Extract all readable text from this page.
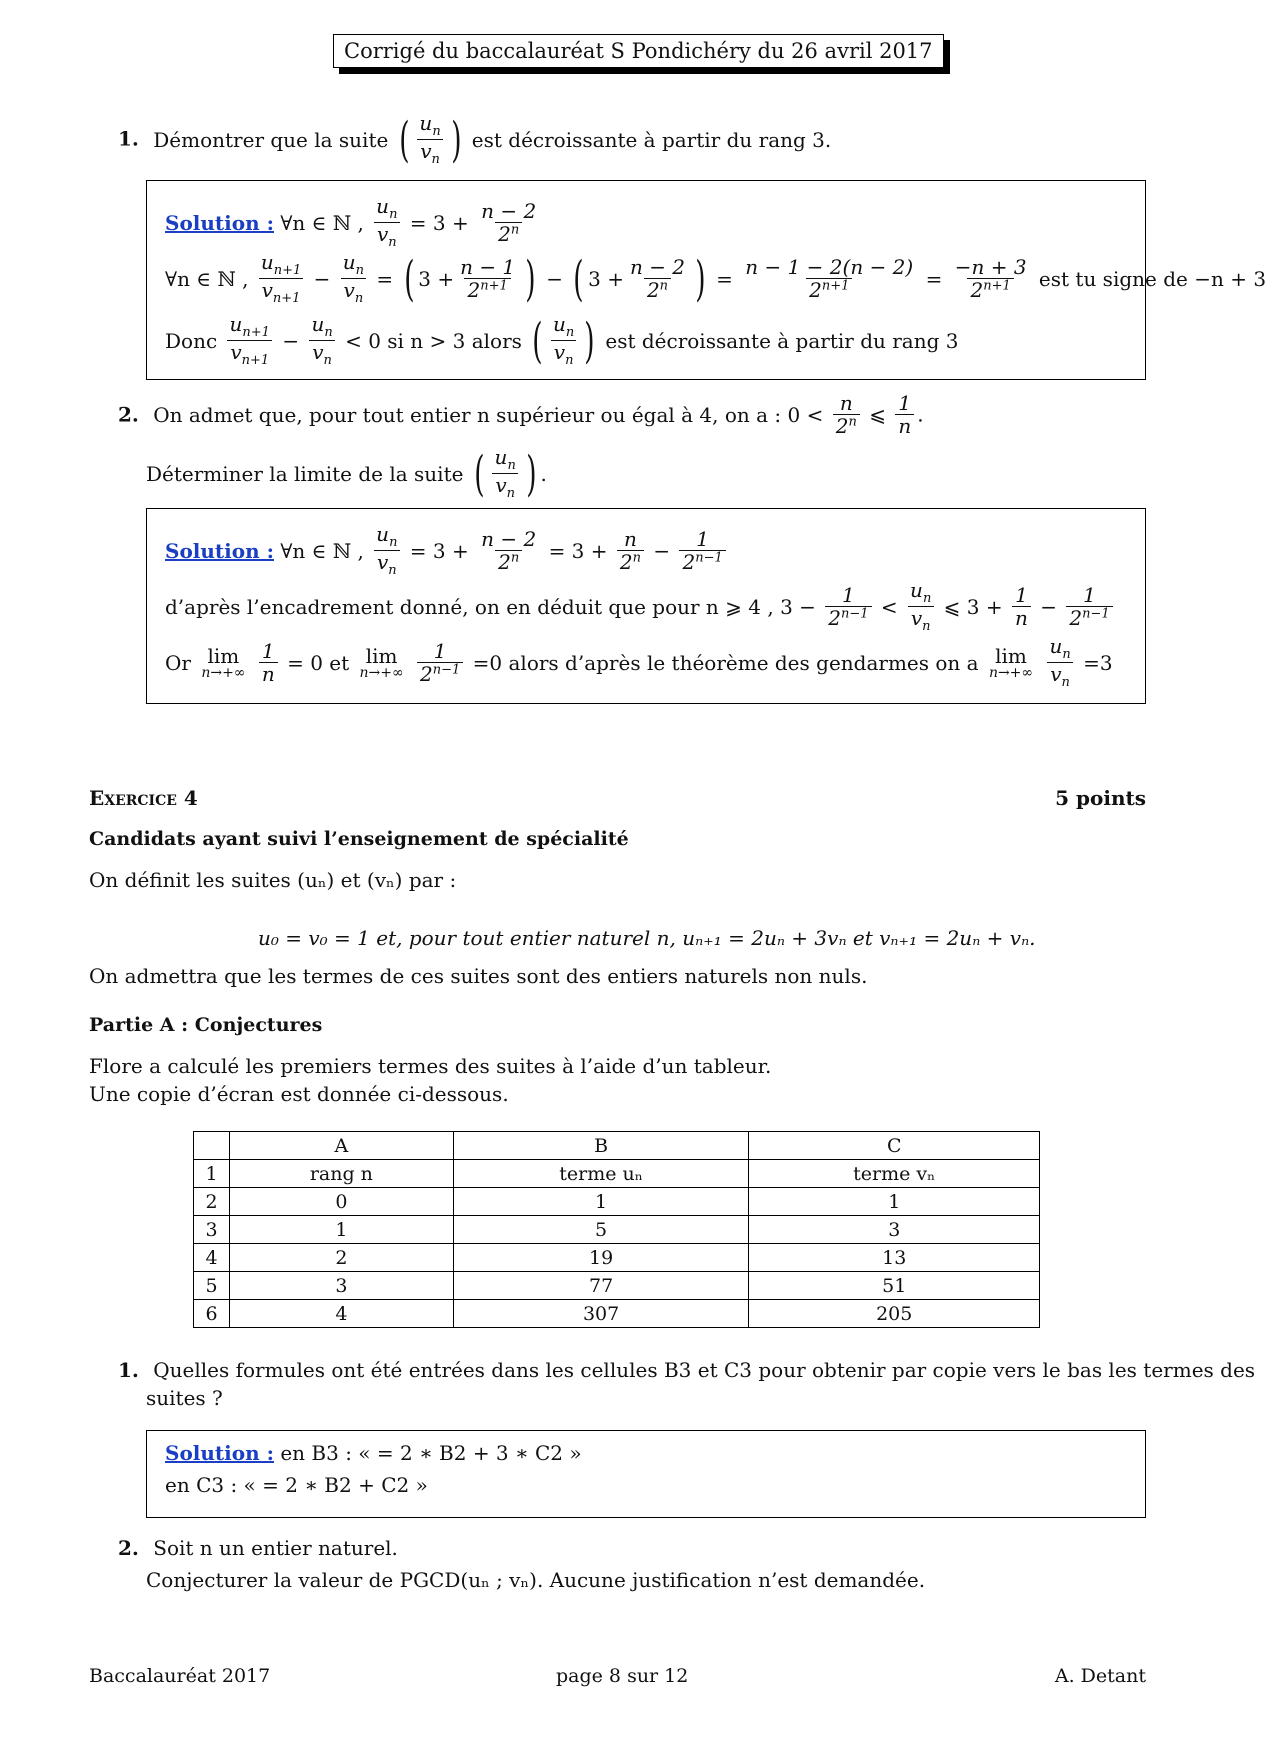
Corrigé du baccalauréat S Pondichéry du 26 avril 2017
1. Démontrer que la suite ( $\frac{u_n}{v_n}$ ) est décroissante à partir du rang 3.
Solution : ∀n ∈ ℕ , $\frac{u_n}{v_n} = 3 + \frac{n - 2}{2^n}$
∀n ∈ ℕ , $\frac{u_{n+1}}{v_{n+1}} - \frac{u_n}{v_n}$ = ( $3 + \frac{n - 1}{2^{n+1}}$ ) − ( $3 + \frac{n - 2}{2^n}$ ) = $\frac{n - 1 - 2(n - 2)}{2^{n+1}} = \frac{-n + 3}{2^{n+1}}$ est tu signe de −n + 3
Donc $\frac{u_{n+1}}{v_{n+1}} - \frac{u_n}{v_n} < 0$ si n > 3 alors ( $\frac{u_n}{v_n}$ ) est décroissante à partir du rang 3
2. On admet que, pour tout entier n supérieur ou égal à 4, on a : $0 < \frac{n}{2^n}$ ⩽ $\frac{1}{n}$ .
Déterminer la limite de la suite ( $\frac{u_n}{v_n}$ ) .
Solution : ∀n ∈ ℕ , $\frac{u_n}{v_n} = 3 + \frac{n - 2}{2^n} = 3 + \frac{n}{2^n} - \frac{1}{2^{n-1}}$
d’après l’encadrement donné, on en déduit que pour n ⩾ 4 , $3 - \frac{1}{2^{n-1}} < \frac{u_n}{v_n}$ ⩽ $3 + \frac{1}{n} - \frac{1}{2^{n-1}}$
Or lim
n→+∞
$\frac{1}{n} = 0$ et lim
n→+∞
$\frac{1}{2^{n-1}} =0$ alors d’après le théorème des gendarmes on a lim
n→+∞
$\frac{u_n}{v_n} =3$
Exercice 4	5 points
Candidats ayant suivi l’enseignement de spécialité
On définit les suites (uₙ) et (vₙ) par :
u₀ = v₀ = 1 et, pour tout entier naturel n, uₙ₊₁ = 2uₙ + 3vₙ et vₙ₊₁ = 2uₙ + vₙ.
On admettra que les termes de ces suites sont des entiers naturels non nuls.
Partie A : Conjectures
Flore a calculé les premiers termes des suites à l’aide d’un tableur.
Une copie d’écran est donnée ci-dessous.
	A	B	C
1	rang n	terme uₙ	terme vₙ
2	0	1	1
3	1	5	3
4	2	19	13
5	3	77	51
6	4	307	205
1. Quelles formules ont été entrées dans les cellules B3 et C3 pour obtenir par copie vers le bas les termes des
suites ?
Solution : en B3 : « = 2 ∗ B2 + 3 ∗ C2 »
en C3 : « = 2 ∗ B2 + C2 »
2. Soit n un entier naturel.
Conjecturer la valeur de PGCD(uₙ ; vₙ). Aucune justification n’est demandée.
Baccalauréat 2017	page 8 sur 12	A. Detant
